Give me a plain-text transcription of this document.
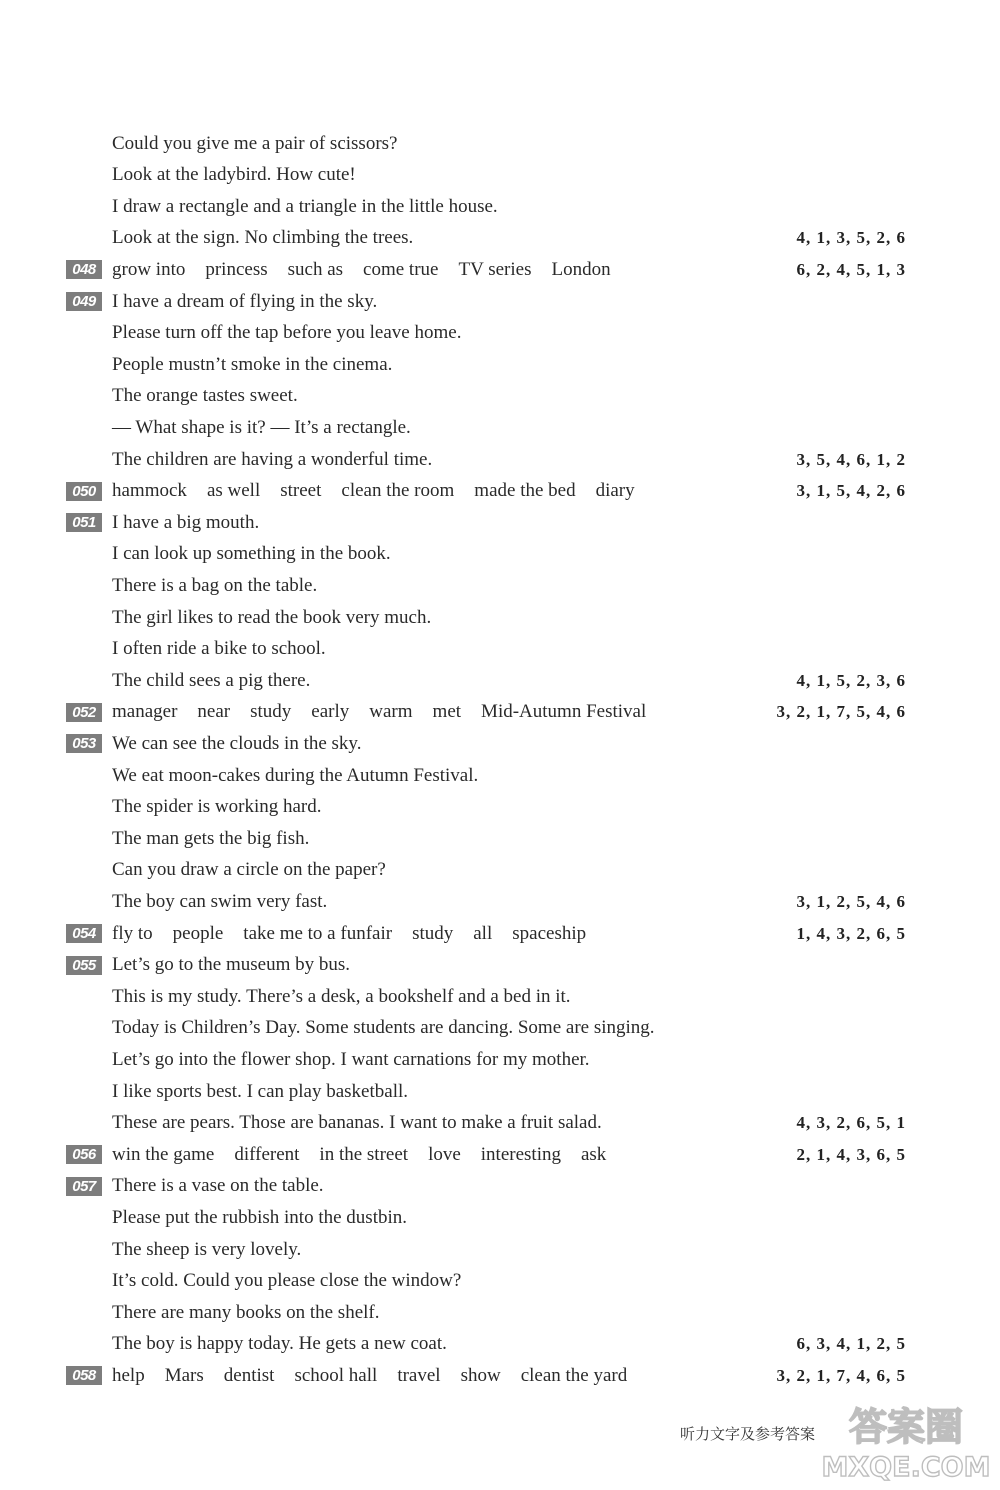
Could you give me a pair of scissors?
Look at the ladybird. How cute!
I draw a rectangle and a triangle in the little house.
Look at the sign. No climbing the trees.	4, 1, 3, 5, 2, 6
048 grow into princess such as come true TV series London	6, 2, 4, 5, 1, 3
049 I have a dream of flying in the sky.
Please turn off the tap before you leave home.
People mustn’t smoke in the cinema.
The orange tastes sweet.
— What shape is it? — It’s a rectangle.
The children are having a wonderful time.	3, 5, 4, 6, 1, 2
050 hammock as well street clean the room made the bed diary	3, 1, 5, 4, 2, 6
051 I have a big mouth.
I can look up something in the book.
There is a bag on the table.
The girl likes to read the book very much.
I often ride a bike to school.
The child sees a pig there.	4, 1, 5, 2, 3, 6
052 manager near study early warm met Mid-Autumn Festival	3, 2, 1, 7, 5, 4, 6
053 We can see the clouds in the sky.
We eat moon-cakes during the Autumn Festival.
The spider is working hard.
The man gets the big fish.
Can you draw a circle on the paper?
The boy can swim very fast.	3, 1, 2, 5, 4, 6
054 fly to people take me to a funfair study all spaceship	1, 4, 3, 2, 6, 5
055 Let’s go to the museum by bus.
This is my study. There’s a desk, a bookshelf and a bed in it.
Today is Children’s Day. Some students are dancing. Some are singing.
Let’s go into the flower shop. I want carnations for my mother.
I like sports best. I can play basketball.
These are pears. Those are bananas. I want to make a fruit salad.	4, 3, 2, 6, 5, 1
056 win the game different in the street love interesting ask	2, 1, 4, 3, 6, 5
057 There is a vase on the table.
Please put the rubbish into the dustbin.
The sheep is very lovely.
It’s cold. Could you please close the window?
There are many books on the shelf.
The boy is happy today. He gets a new coat.	6, 3, 4, 1, 2, 5
058 help Mars dentist school hall travel show clean the yard	3, 2, 1, 7, 4, 6, 5
听力文字及参考答案 答案圈
MXQE.COM
